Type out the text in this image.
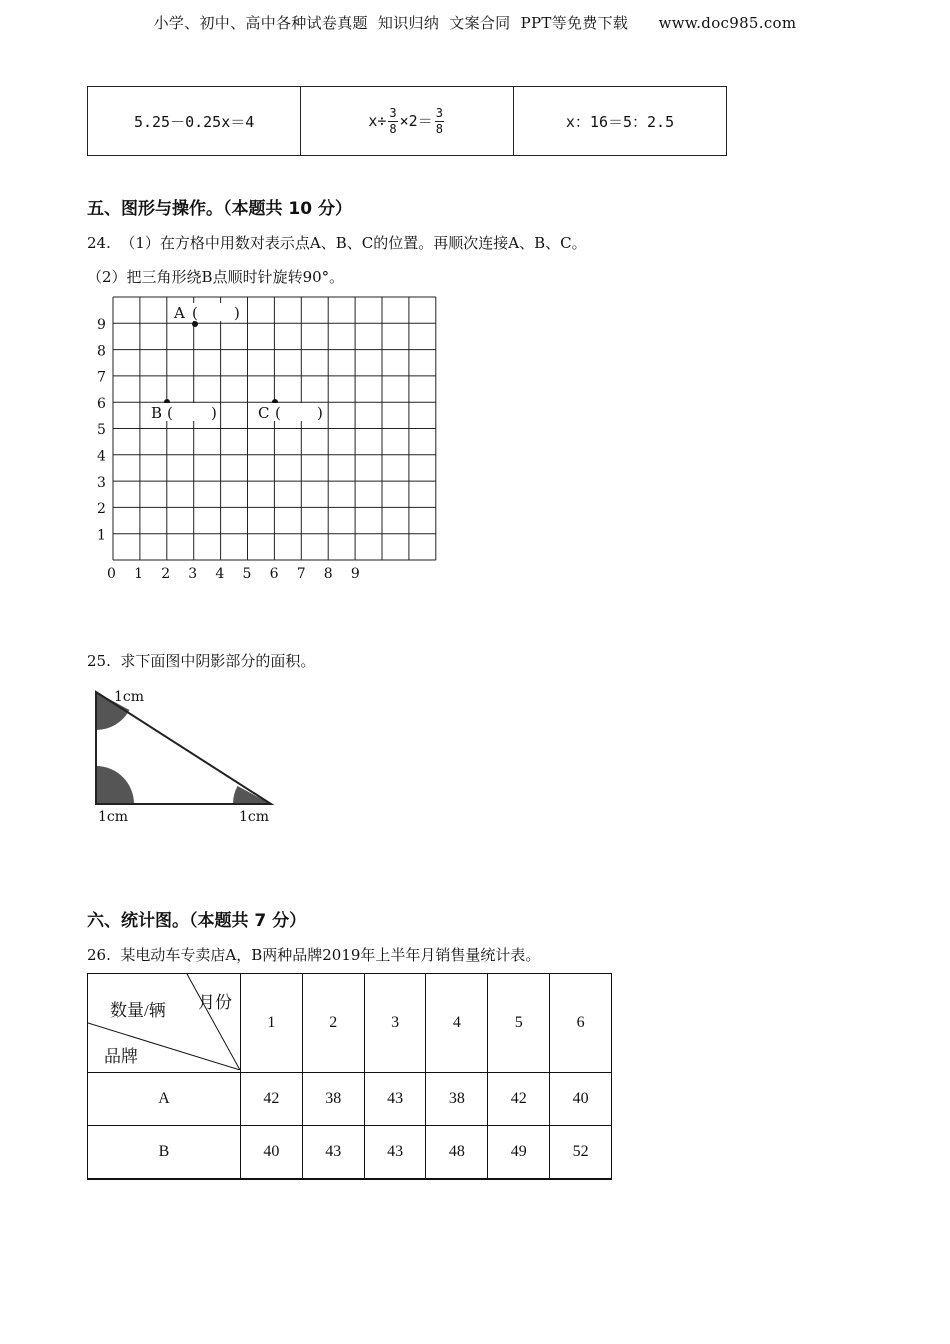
小学、初中、高中各种试卷真题  知识归纳  文案合同  PPT等免费下载      www.doc985.com
5.25－0.25x＝4	$x\div \frac{3}{8} \times 2= \frac{3}{8}$	x：16＝5：2.5
五、图形与操作。（本题共 10 分）
24.  （1）在方格中用数对表示点A、B、C的位置。再顺次连接A、B、C。
（2）把三角形绕B点顺时针旋转90°。
9
8
7
6
5
4
3
2
1
0 1 2 3 4 5 6 7 8 9
A ( )
B (	)	C ( )
25.  求下面图中阴影部分的面积。
1cm
1cm	1cm
六、统计图。（本题共 7 分）
26.  某电动车专卖店A，B两种品牌2019年上半年月销售量统计表。
月份
数量/辆
品牌	1	2	3	4	5	6
A	42	38	43	38	42	40
B	40	43	43	48	49	52
